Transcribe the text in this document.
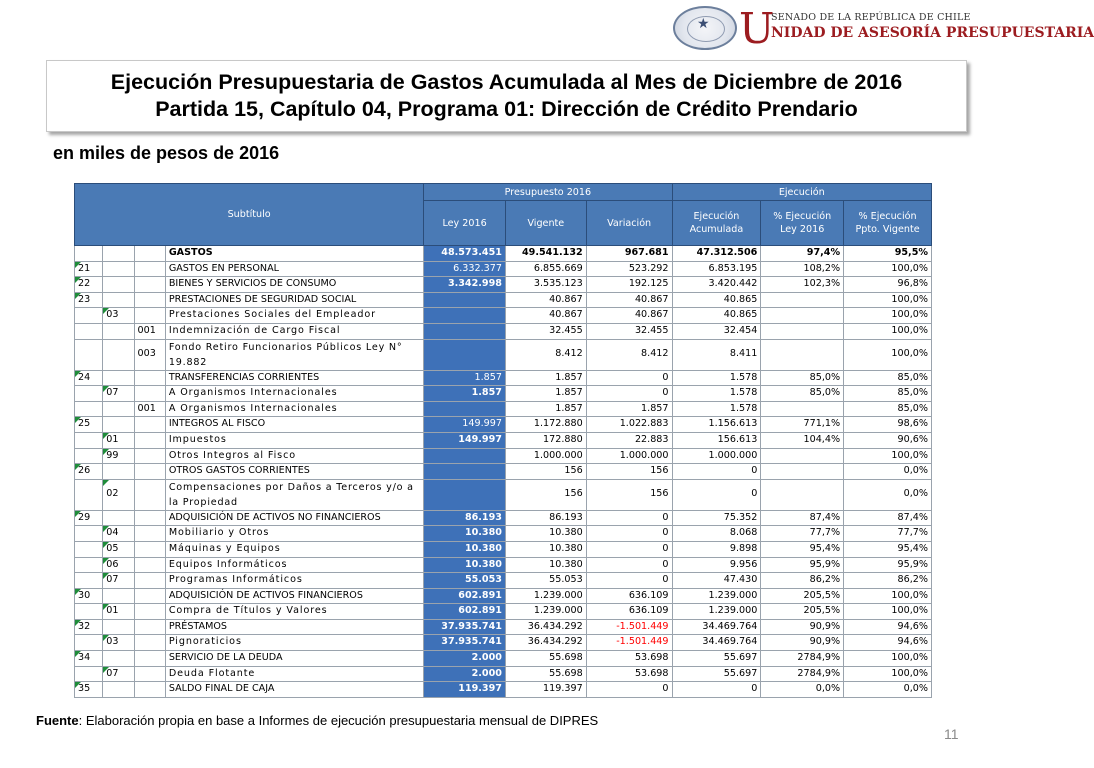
★ U
SENADO DE LA REPÚBLICA DE CHILE
NIDAD DE ASESORÍA PRESUPUESTARIA
Ejecución Presupuestaria de Gastos Acumulada al Mes de Diciembre de 2016
Partida 15, Capítulo 04, Programa 01: Dirección de Crédito Prendario
en miles de pesos de 2016
Subtítulo				Presupuesto 2016			Ejecución		
				Ley 2016	Vigente	Variación	Ejecución Acumulada	% Ejecución Ley 2016	% Ejecución Ppto. Vigente
			GASTOS	48.573.451	49.541.132	967.681	47.312.506	97,4%	95,5%
21			GASTOS EN PERSONAL	6.332.377	6.855.669	523.292	6.853.195	108,2%	100,0%
22			BIENES Y SERVICIOS DE CONSUMO	3.342.998	3.535.123	192.125	3.420.442	102,3%	96,8%
23			PRESTACIONES DE SEGURIDAD SOCIAL		40.867	40.867	40.865		100,0%
	03		Prestaciones Sociales del Empleador		40.867	40.867	40.865		100,0%
		001	Indemnización de Cargo Fiscal		32.455	32.455	32.454		100,0%
		003	Fondo Retiro Funcionarios Públicos Ley N° 19.882		8.412	8.412	8.411		100,0%
24			TRANSFERENCIAS CORRIENTES	1.857	1.857	0	1.578	85,0%	85,0%
	07		A Organismos Internacionales	1.857	1.857	0	1.578	85,0%	85,0%
		001	A Organismos Internacionales		1.857	1.857	1.578		85,0%
25			INTEGROS AL FISCO	149.997	1.172.880	1.022.883	1.156.613	771,1%	98,6%
	01		Impuestos	149.997	172.880	22.883	156.613	104,4%	90,6%
	99		Otros Integros al Fisco		1.000.000	1.000.000	1.000.000		100,0%
26			OTROS GASTOS CORRIENTES		156	156	0		0,0%
	02		Compensaciones por Daños a Terceros y/o a la Propiedad		156	156	0		0,0%
29			ADQUISICIÓN DE ACTIVOS NO FINANCIEROS	86.193	86.193	0	75.352	87,4%	87,4%
	04		Mobiliario y Otros	10.380	10.380	0	8.068	77,7%	77,7%
	05		Máquinas y Equipos	10.380	10.380	0	9.898	95,4%	95,4%
	06		Equipos Informáticos	10.380	10.380	0	9.956	95,9%	95,9%
	07		Programas Informáticos	55.053	55.053	0	47.430	86,2%	86,2%
30			ADQUISICIÓN DE ACTIVOS FINANCIEROS	602.891	1.239.000	636.109	1.239.000	205,5%	100,0%
	01		Compra de Títulos y Valores	602.891	1.239.000	636.109	1.239.000	205,5%	100,0%
32			PRÉSTAMOS	37.935.741	36.434.292	-1.501.449	34.469.764	90,9%	94,6%
	03		Pignoraticios	37.935.741	36.434.292	-1.501.449	34.469.764	90,9%	94,6%
34			SERVICIO DE LA DEUDA	2.000	55.698	53.698	55.697	2784,9%	100,0%
	07		Deuda Flotante	2.000	55.698	53.698	55.697	2784,9%	100,0%
35			SALDO FINAL DE CAJA	119.397	119.397	0	0	0,0%	0,0%
Fuente: Elaboración propia en base a Informes de ejecución presupuestaria mensual de DIPRES
11
